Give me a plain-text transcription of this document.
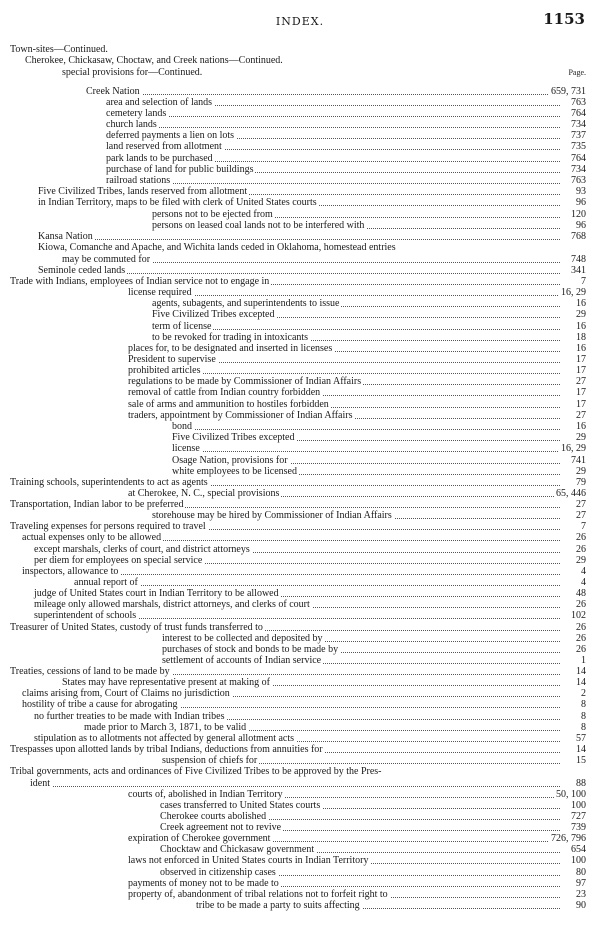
INDEX.	1153
Page.
Town-sites—Continued.
Cherokee, Chickasaw, Choctaw, and Creek nations—Continued.
special provisions for—Continued.
Creek Nation	659, 731
area and selection of lands	763
cemetery lands	764
church lands	734
deferred payments a lien on lots	737
land reserved from allotment	735
park lands to be purchased	764
purchase of land for public buildings	734
railroad stations	763
Five Civilized Tribes, lands reserved from allotment	93
in Indian Territory, maps to be filed with clerk of United States courts	96
persons not to be ejected from	120
persons on leased coal lands not to be interfered with	96
Kansa Nation	768
Kiowa, Comanche and Apache, and Wichita lands ceded in Oklahoma, homestead entries
may be commuted for	748
Seminole ceded lands	341
Trade with Indians, employees of Indian service not to engage in	7
license required	16, 29
agents, subagents, and superintendents to issue	16
Five Civilized Tribes excepted	29
term of license	16
to be revoked for trading in intoxicants	18
places for, to be designated and inserted in licenses	16
President to supervise	17
prohibited articles	17
regulations to be made by Commissioner of Indian Affairs	27
removal of cattle from Indian country forbidden	17
sale of arms and ammunition to hostiles forbidden	17
traders, appointment by Commissioner of Indian Affairs	27
bond	16
Five Civilized Tribes excepted	29
license	16, 29
Osage Nation, provisions for	741
white employees to be licensed	29
Training schools, superintendents to act as agents	79
at Cherokee, N. C., special provisions	65, 446
Transportation, Indian labor to be preferred	27
storehouse may be hired by Commissioner of Indian Affairs	27
Traveling expenses for persons required to travel	7
actual expenses only to be allowed	26
except marshals, clerks of court, and district attorneys	26
per diem for employees on special service	29
inspectors, allowance to	4
annual report of	4
judge of United States court in Indian Territory to be allowed	48
mileage only allowed marshals, district attorneys, and clerks of court	26
superintendent of schools	102
Treasurer of United States, custody of trust funds transferred to	26
interest to be collected and deposited by	26
purchases of stock and bonds to be made by	26
settlement of accounts of Indian service	1
Treaties, cessions of land to be made by	14
States may have representative present at making of	14
claims arising from, Court of Claims no jurisdiction	2
hostility of tribe a cause for abrogating	8
no further treaties to be made with Indian tribes	8
made prior to March 3, 1871, to be valid	8
stipulation as to allotments not affected by general allotment acts	57
Trespasses upon allotted lands by tribal Indians, deductions from annuities for	14
suspension of chiefs for	15
Tribal governments, acts and ordinances of Five Civilized Tribes to be approved by the Pres-
ident	88
courts of, abolished in Indian Territory	50, 100
cases transferred to United States courts	100
Cherokee courts abolished	727
Creek agreement not to revive	739
expiration of Cherokee government	726, 796
Chocktaw and Chickasaw government	654
laws not enforced in United States courts in Indian Territory	100
observed in citizenship cases	80
payments of money not to be made to	97
property of, abandonment of tribal relations not to forfeit right to	23
tribe to be made a party to suits affecting	90
